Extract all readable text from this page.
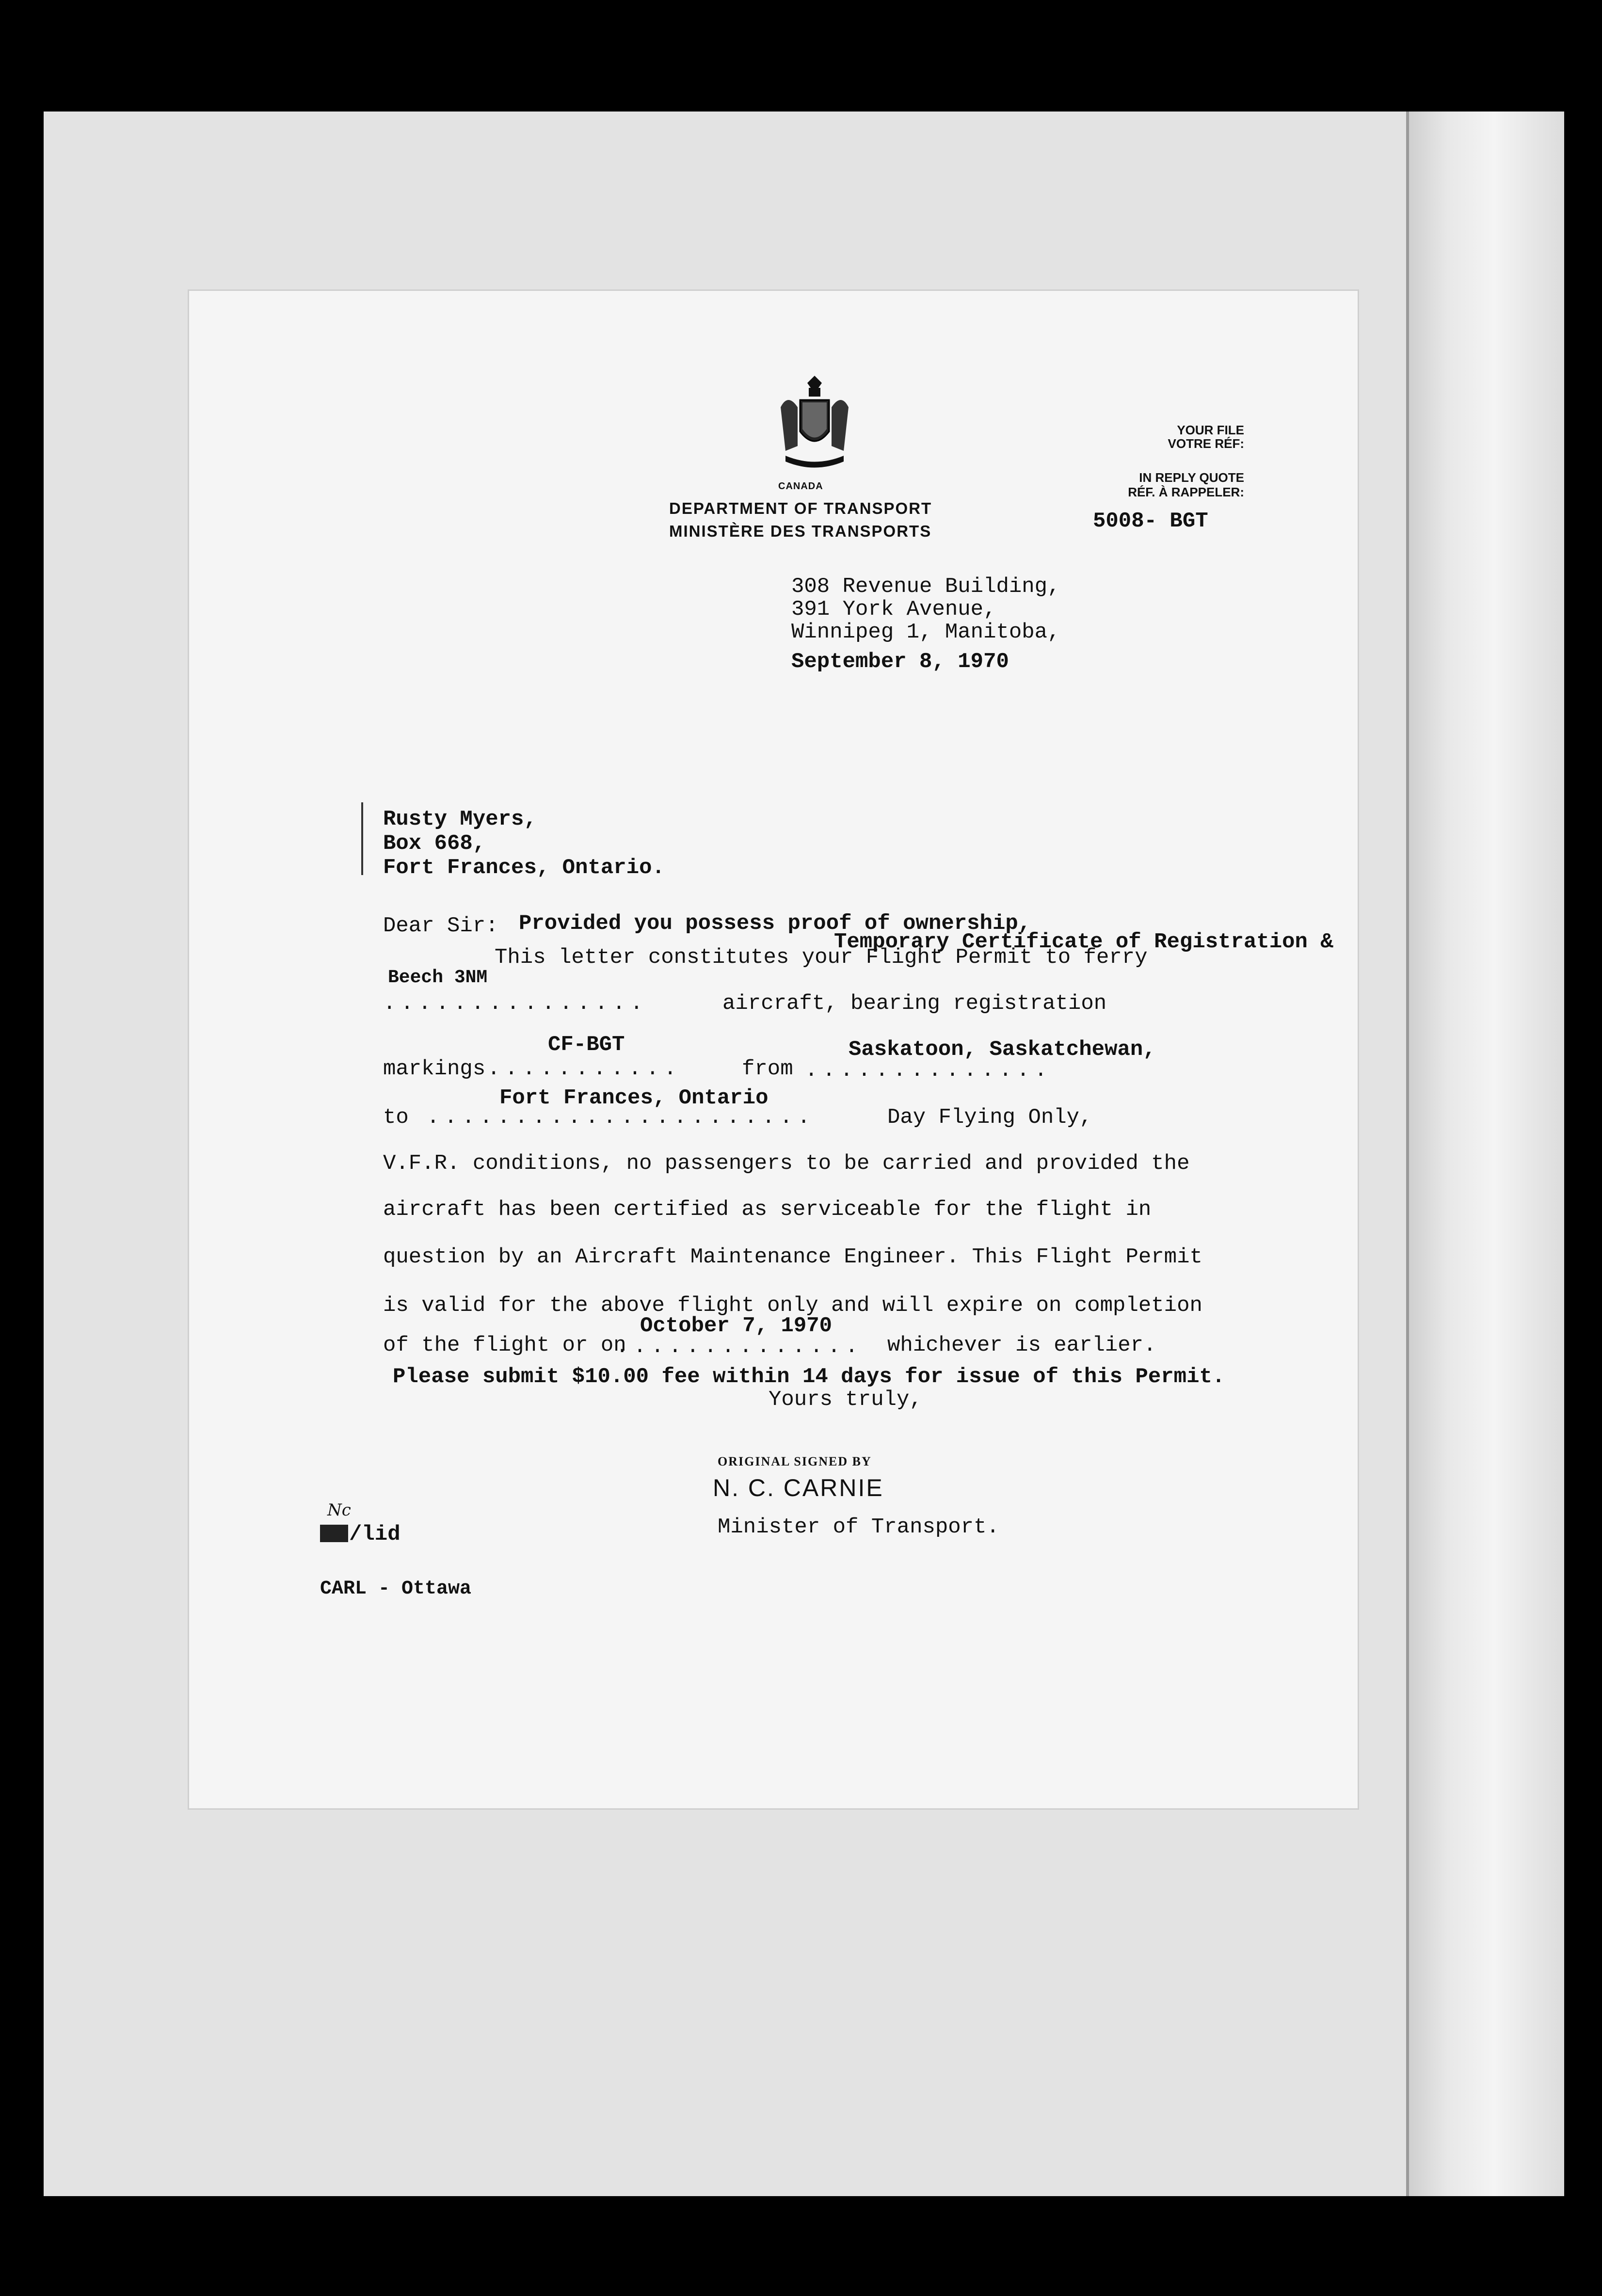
CANADA
DEPARTMENT OF TRANSPORT
MINISTÈRE DES TRANSPORTS
YOUR FILE
VOTRE RÉF:
IN REPLY QUOTE
RÉF. À RAPPELER:
5008- BGT
308 Revenue Building,
391 York Avenue,
Winnipeg 1, Manitoba,
September 8, 1970
Rusty Myers,
Box 668,
Fort Frances, Ontario.
Dear Sir: Provided you possess proof of ownership,
Temporary Certificate of Registration &
This letter constitutes your Flight Permit to ferry
Beech 3NM
...............	aircraft, bearing registration
CF-BGT	Saskatoon, Saskatchewan,
markings ...........	from ..............
Fort Frances, Ontario
to ......................	Day Flying Only,
V.F.R. conditions, no passengers to be carried and provided the
aircraft has been certified as serviceable for the flight in
question by an Aircraft Maintenance Engineer. This Flight Permit
is valid for the above flight only and will expire on completion
October 7, 1970
of the flight or on
.............. whichever is earlier.
Please submit $10.00 fee within 14 days for issue of this Permit.
Yours truly,
ORIGINAL SIGNED BY
N. C. CARNIE
Minister of Transport.
Nc
/lid
CARL - Ottawa
